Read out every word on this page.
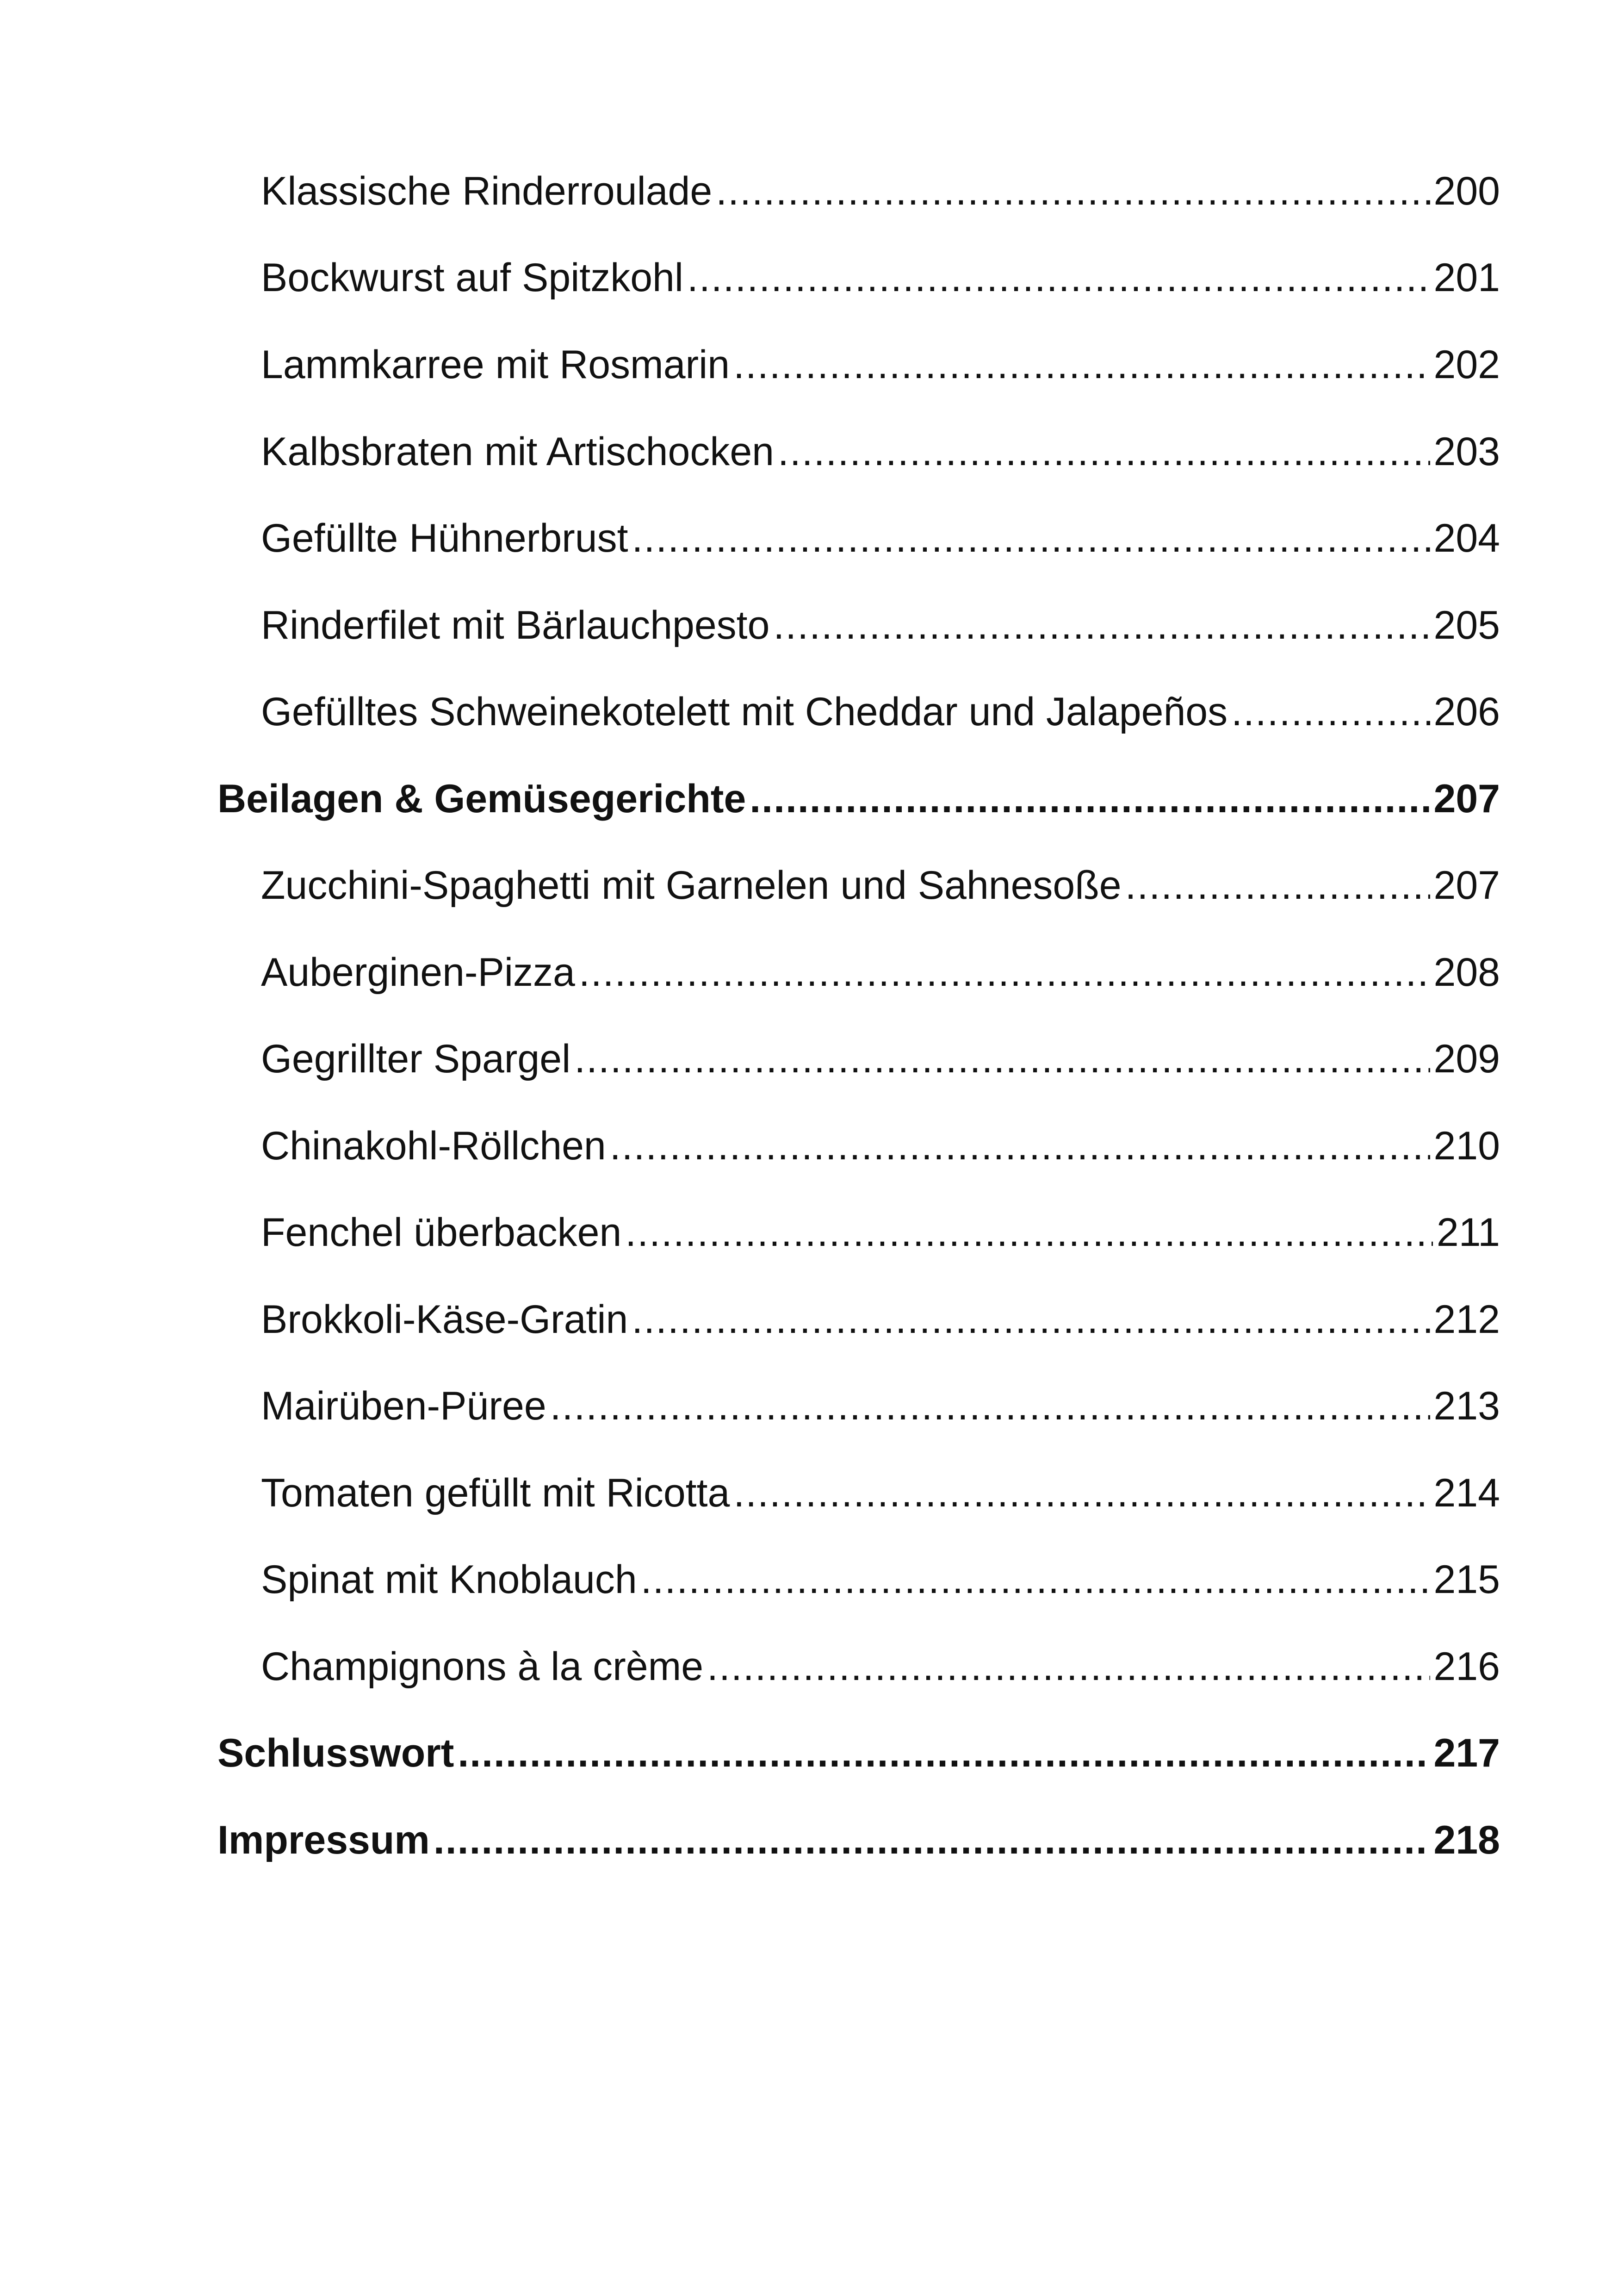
Klassische Rinderroulade .....	200
Bockwurst auf Spitzkohl .....	201
Lammkarree mit Rosmarin .....	202
Kalbsbraten mit Artischocken .....	203
Gefüllte Hühnerbrust .....	204
Rinderfilet mit Bärlauchpesto .....	205
Gefülltes Schweinekotelett mit Cheddar und Jalapeños .....	206
Beilagen & Gemüsegerichte .....	207
Zucchini-Spaghetti mit Garnelen und Sahnesoße .....	207
Auberginen-Pizza .....	208
Gegrillter Spargel .....	209
Chinakohl-Röllchen .....	210
Fenchel überbacken .....	211
Brokkoli-Käse-Gratin .....	212
Mairüben-Püree .....	213
Tomaten gefüllt mit Ricotta .....	214
Spinat mit Knoblauch .....	215
Champignons à la crème .....	216
Schlusswort .....	217
Impressum .....	218
